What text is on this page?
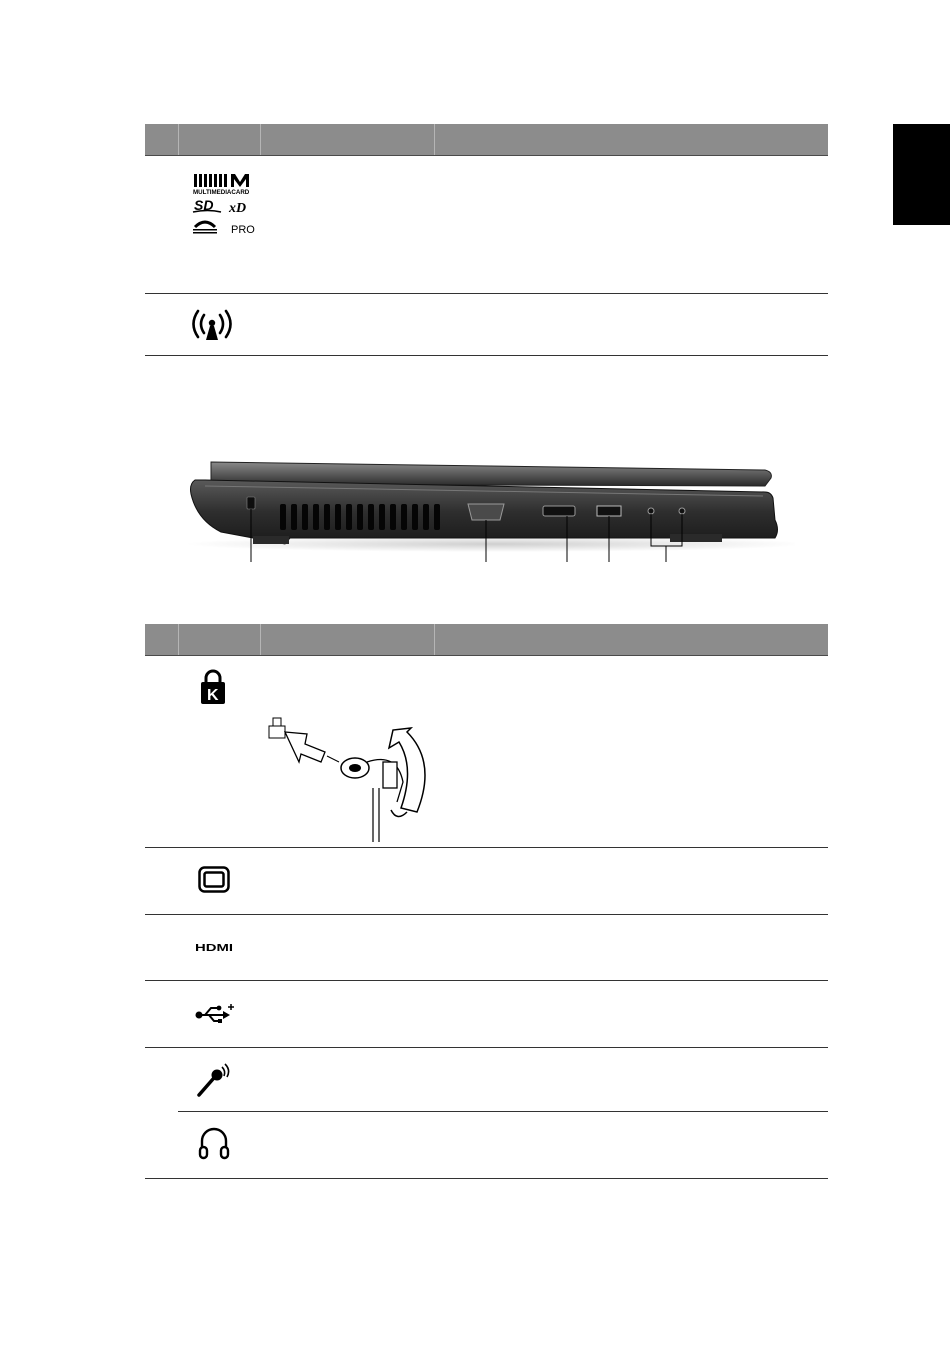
MULTIMEDIACARD
SD xD
PRO
K
HDMI
